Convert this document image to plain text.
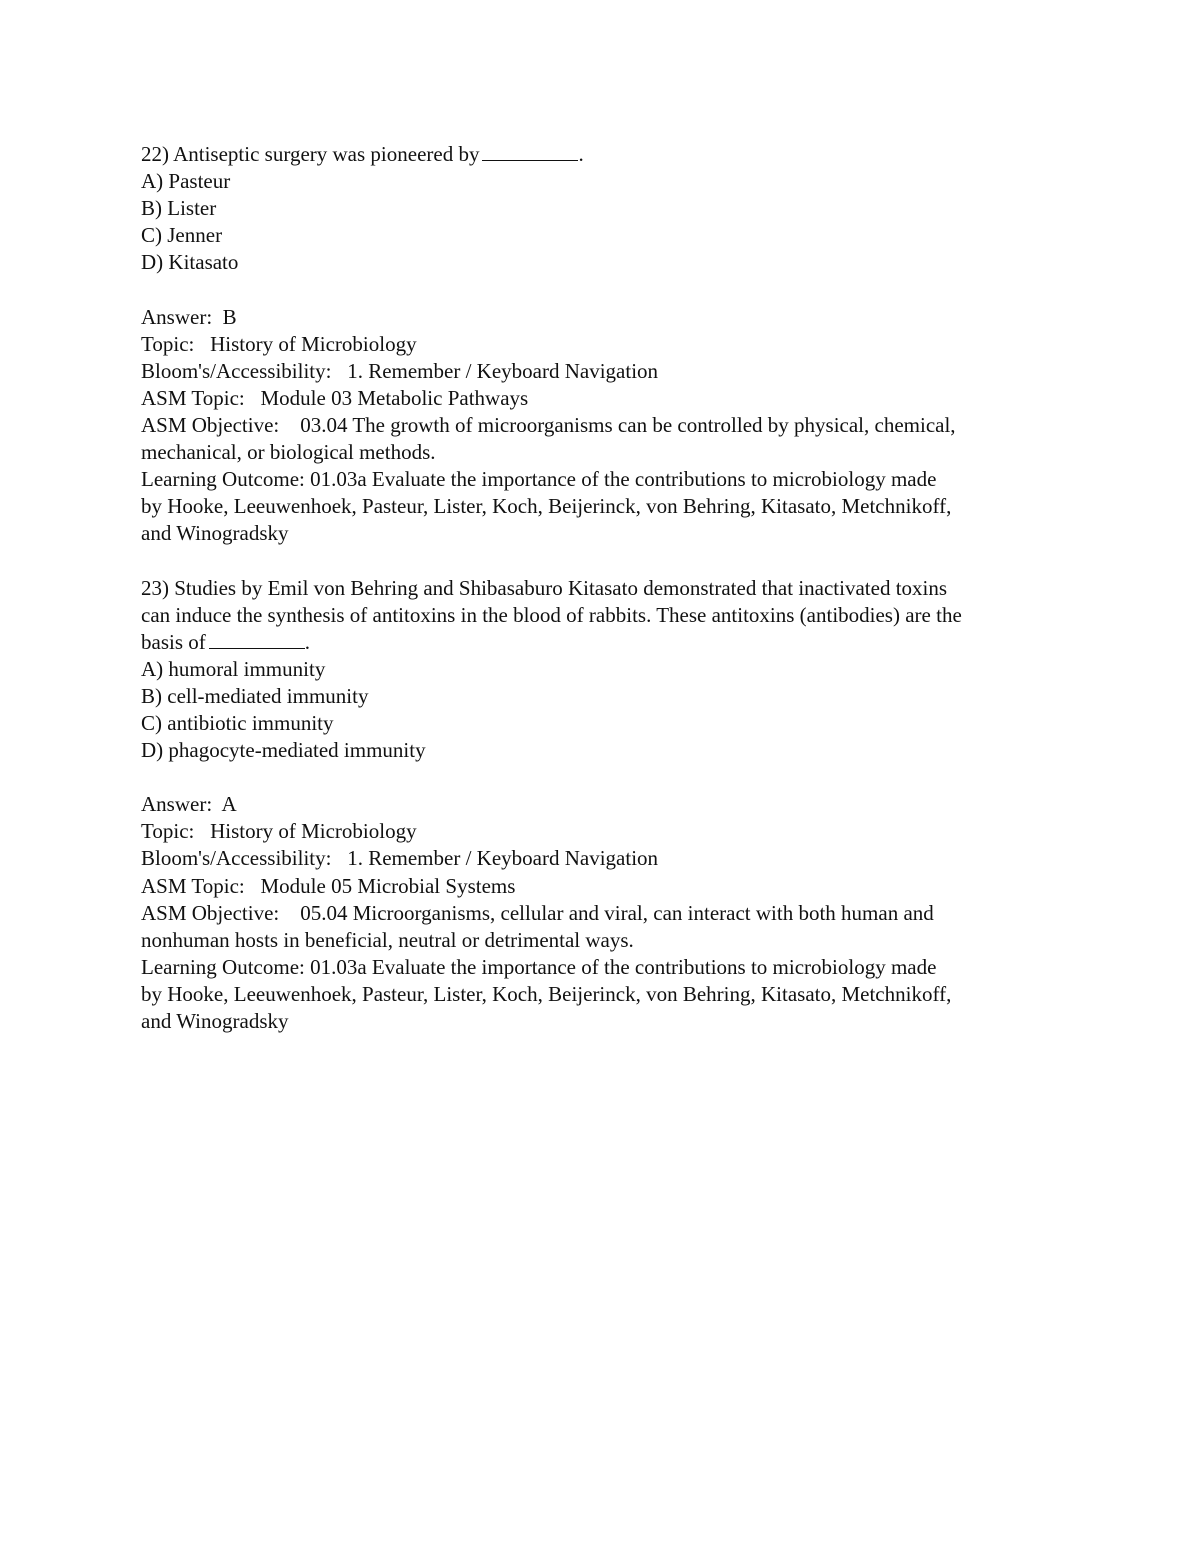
22) Antiseptic surgery was pioneered by	.
A) Pasteur
B) Lister
C) Jenner
D) Kitasato
Answer: B
Topic: History of Microbiology
Bloom's/Accessibility: 1. Remember / Keyboard Navigation
ASM Topic: Module 03 Metabolic Pathways
ASM Objective: 03.04 The growth of microorganisms can be controlled by physical, chemical,
mechanical, or biological methods.
Learning Outcome: 01.03a Evaluate the importance of the contributions to microbiology made
by Hooke, Leeuwenhoek, Pasteur, Lister, Koch, Beijerinck, von Behring, Kitasato, Metchnikoff,
and Winogradsky
23) Studies by Emil von Behring and Shibasaburo Kitasato demonstrated that inactivated toxins
can induce the synthesis of antitoxins in the blood of rabbits. These antitoxins (antibodies) are the
basis of	.
A) humoral immunity
B) cell-mediated immunity
C) antibiotic immunity
D) phagocyte-mediated immunity
Answer: A
Topic: History of Microbiology
Bloom's/Accessibility: 1. Remember / Keyboard Navigation
ASM Topic: Module 05 Microbial Systems
ASM Objective: 05.04 Microorganisms, cellular and viral, can interact with both human and
nonhuman hosts in beneficial, neutral or detrimental ways.
Learning Outcome: 01.03a Evaluate the importance of the contributions to microbiology made
by Hooke, Leeuwenhoek, Pasteur, Lister, Koch, Beijerinck, von Behring, Kitasato, Metchnikoff,
and Winogradsky
